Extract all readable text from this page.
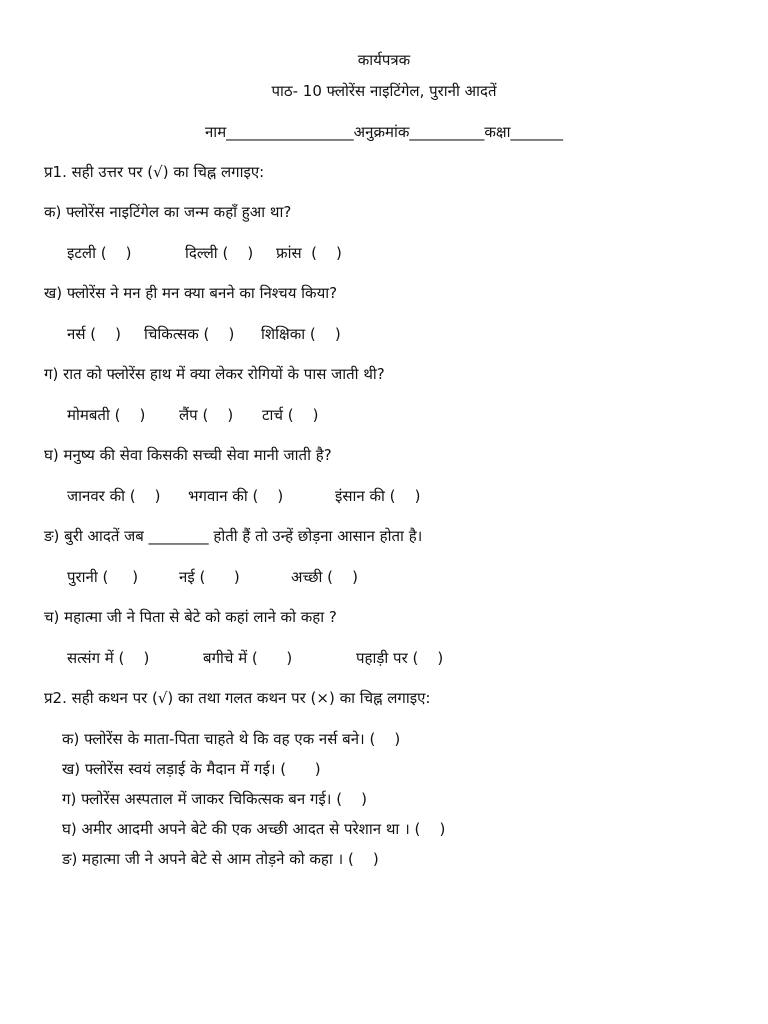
कार्यपत्रक
पाठ- 10 फ्लोरेंस नाइटिंगेल, पुरानी आदतें
नाम_________________अनुक्रमांक__________कक्षा_______
प्र1. सही उत्तर पर (√) का चिह्न लगाइए:
क) फ्लोरेंस नाइटिंगेल का जन्म कहाँ हुआ था?
इटली (    )	दिल्ली (    ) फ्रांस  (    )
ख) फ्लोरेंस ने मन ही मन क्या बनने का निश्चय किया?
नर्स (    ) चिकित्सक (    ) शिक्षिका (    )
ग) रात को फ्लोरेंस हाथ में क्या लेकर रोगियों के पास जाती थी?
मोमबती (    ) लैंप (    ) टार्च (    )
घ) मनुष्य की सेवा किसकी सच्ची सेवा मानी जाती है?
जानवर की (    ) भगवान की (    )	इंसान की (    )
ङ) बुरी आदतें जब ________ होती हैं तो उन्हें छोड़ना आसान होता है।
पुरानी (     )	नई (      )	अच्छी (    )
च) महात्मा जी ने पिता से बेटे को कहां लाने को कहा ?
सत्संग में (    )	बगीचे में (      )	पहाड़ी पर (    )
प्र2. सही कथन पर (√) का तथा गलत कथन पर (×) का चिह्न लगाइए:
क) फ्लोरेंस के माता-पिता चाहते थे कि वह एक नर्स बने। (    )
ख) फ्लोरेंस स्वयं लड़ाई के मैदान में गई। (      )
ग) फ्लोरेंस अस्पताल में जाकर चिकित्सक बन गई। (    )
घ) अमीर आदमी अपने बेटे की एक अच्छी आदत से परेशान था । (    )
ङ) महात्मा जी ने अपने बेटे से आम तोड़ने को कहा । (    )
